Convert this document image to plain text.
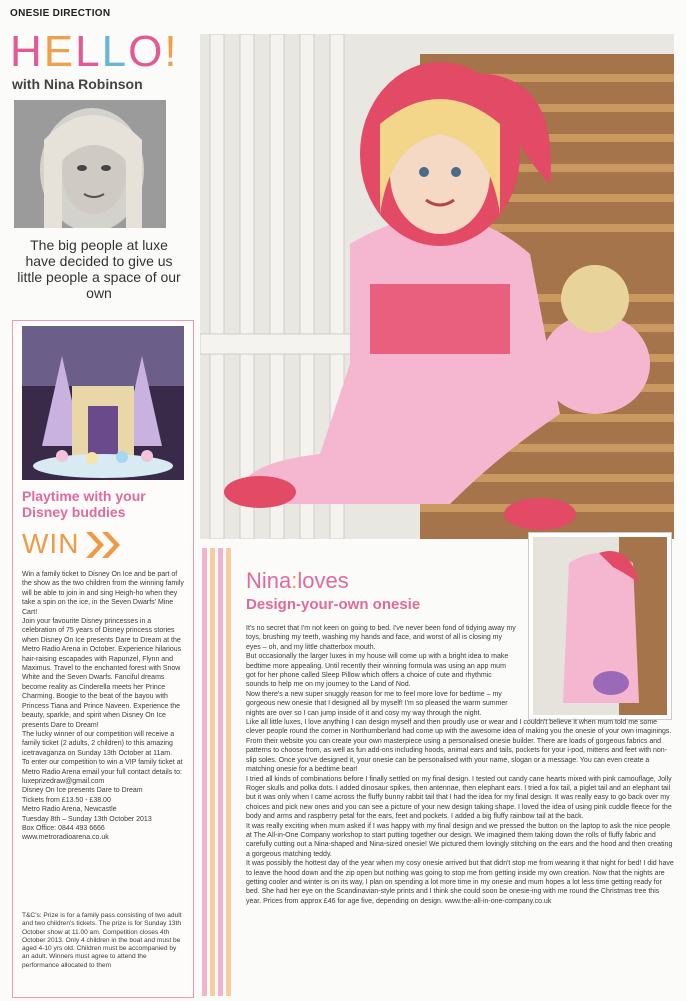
ONESIE DIRECTION
HELLO!
with Nina Robinson
The big people at luxe have decided to give us little people a space of our own
Playtime with your Disney buddies
WIN

Win a family ticket to Disney On Ice and be part of the show as the two children from the winning family will be able to join in and sing Heigh-ho when they take a spin on the ice, in the Seven Dwarfs' Mine Cart!

Join your favourite Disney princesses in a celebration of 75 years of Disney princess stories when Disney On Ice presents Dare to Dream at the Metro Radio Arena in October. Experience hilarious hair-raising escapades with Rapunzel, Flynn and Maximus. Travel to the enchanted forest with Snow White and the Seven Dwarfs. Fanciful dreams become reality as Cinderella meets her Prince Charming. Boogie to the beat of the bayou with Princess Tiana and Prince Naveen. Experience the beauty, sparkle, and spirit when Disney On Ice presents Dare to Dream!

The lucky winner of our competition will receive a family ticket (2 adults, 2 children) to this amazing icetravaganza on Sunday 13th October at 11am.

To enter our competition to win a VIP family ticket at Metro Radio Arena email your full contact details to: luxeprizedraw@gmail.com

Disney On Ice presents Dare to Dream

Tickets from £13.50 - £38.00

Metro Radio Arena, Newcastle

Tuesday 8th – Sunday 13th October 2013

Box Office: 0844 493 6666

www.metroradioarena.co.uk

T&C's: Prize is for a family pass consisting of two adult and two children's tickets. The prize is for Sunday 13th October show at 11.00 am. Competition closes 4th October 2013. Only 4 children in the boat and must be aged 4-10 yrs old. Children must be accompanied by an adult. Winners must agree to attend the performance allocated to them
Nina:loves
Design-your-own onesie

It's no secret that I'm not keen on going to bed. I've never been fond of tidying away my toys, brushing my teeth, washing my hands and face, and worst of all is closing my eyes – oh, and my little chatterbox mouth.

But occasionally the larger luxes in my house will come up with a bright idea to make bedtime more appealing. Until recently their winning formula was using an app mum got for her phone called Sleep Pillow which offers a choice of cute and rhythmic sounds to help me on my journey to the Land of Nod.

Now there's a new super snuggly reason for me to feel more love for bedtime – my gorgeous new onesie that I designed all by myself! I'm so pleased the warm summer nights are over so I can jump inside of it and cosy my way through the night.

Like all little luxes, I love anything I can design myself and then proudly use or wear and I couldn't believe it when mum told me some clever people round the corner in Northumberland had come up with the awesome idea of making you the onesie of your own imaginings.

From their website you can create your own masterpiece using a personalised onesie builder. There are loads of gorgeous fabrics and patterns to choose from, as well as fun add-ons including hoods, animal ears and tails, pockets for your i-pod, mittens and feet with non-slip soles. Once you've designed it, your onesie can be personalised with your name, slogan or a message. You can even create a matching onesie for a bedtime bear!

I tried all kinds of combinations before I finally settled on my final design. I tested out candy cane hearts mixed with pink camouflage, Jolly Roger skulls and polka dots. I added dinosaur spikes, then antennae, then elephant ears. I tried a fox tail, a piglet tail and an elephant tail but it was only when I came across the fluffy bunny rabbit tail that I had the idea for my final design. It was really easy to go back over my choices and pick new ones and you can see a picture of your new design taking shape. I loved the idea of using pink cuddle fleece for the body and arms and raspberry petal for the ears, feet and pockets. I added a big fluffy rainbow tail at the back.

It was really exciting when mum asked if I was happy with my final design and we pressed the button on the laptop to ask the nice people at The All-in-One Company workshop to start putting together our design. We imagined them taking down the rolls of fluffy fabric and carefully cutting out a Nina-shaped and Nina-sized onesie! We pictured them lovingly stitching on the ears and the hood and then creating a gorgeous matching teddy.

It was possibly the hottest day of the year when my cosy onesie arrived but that didn't stop me from wearing it that night for bed! I did have to leave the hood down and the zip open but nothing was going to stop me from getting inside my own creation. Now that the nights are getting cooler and winter is on its way, I plan on spending a lot more time in my onesie and mum hopes a lot less time getting ready for bed. She had her eye on the Scandinavian-style prints and I think she could soon be onesie-ing with me round the Christmas tree this year. Prices from approx £46 for age five, depending on design. www.the-all-in-one-company.co.uk
